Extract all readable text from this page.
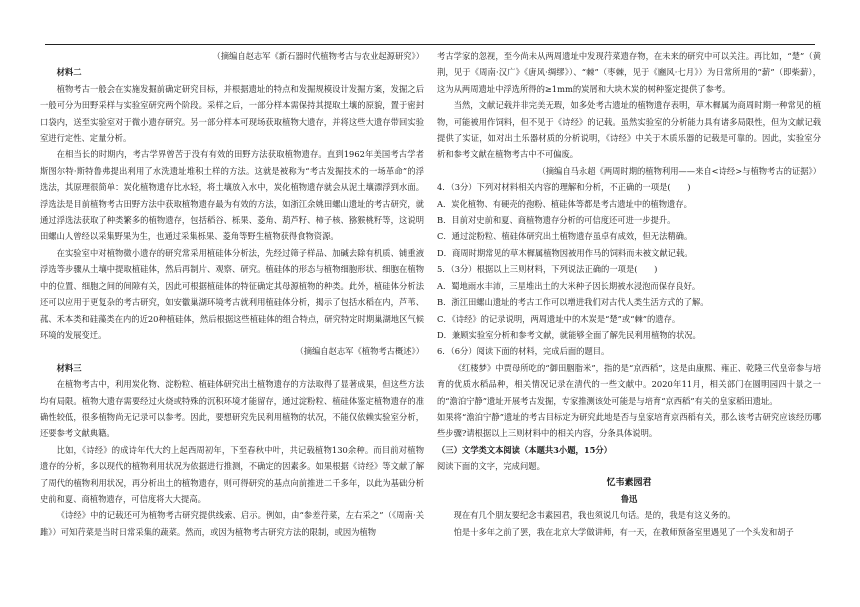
（摘编自赵志军《新石器时代植物考古与农业起源研究》）

材料二

植物考古一般会在实施发掘前确定研究目标，并根据遗址的特点和发掘规模设计发掘方案，发掘之后一般可分为田野采样与实验室研究两个阶段。采样之后，一部分样本需保持其提取土壤的原貌，置于密封口袋内，送至实验室对于微小遗存研究。另一部分样本可现场获取植物大遗存，并将这些大遗存带回实验室进行定性、定量分析。

在相当长的时期内，考古学界曾苦于没有有效的田野方法获取植物遗存。直到1962年美国考古学者斯图尔特·斯特鲁弗提出利用了水洗遗址堆积土样的方法。这就是被称为“考古发掘技术的一场革命”的浮选法，其原理很简单：炭化植物遗存比水轻，将土壤放入水中，炭化植物遗存就会从泥土壤漂浮到水面。浮选法是目前植物考古田野方法中获取植物遗存最为有效的方法，如浙江余姚田螺山遗址的考古研究，就通过浮选法获取了种类繁多的植物遗存，包括稻谷、栎果、菱角、葫芦籽、柿子核、猕猴桃籽等，这说明田螺山人曾经以采集野果为生，也通过采集栎果、菱角等野生植物获得食物资源。

在实验室中对植物微小遗存的研究常采用植硅体分析法，先经过筛子样品、加碱去除有机质、铺重液浮选等步骤从土壤中提取植硅体，然后再制片、观察、研究。植硅体的形态与植物细胞形状、细胞在植物中的位置、细胞之间的间隙有关，因此可根据植硅体的特征确定其母源植物的种类。此外，植硅体分析法还可以应用于更复杂的考古研究，如安徽巢湖环境考古就利用植硅体分析，揭示了包括水稻在内，芦苇、菰、禾本类和硅藻类在内的近20种植硅体，然后根据这些植硅体的组合特点，研究特定时期巢湖地区气候环境的发展变迁。

（摘编自赵志军《植物考古概述》）

材料三

在植物考古中，利用炭化物、淀粉粒、植硅体研究出土植物遗存的方法取得了显著成果，但这些方法均有局限。植物大遗存需要经过火烧或特殊的沉积环境才能留存，通过淀粉粒、植硅体鉴定植物遗存的准确性较低，很多植物尚无记录可以参考。因此，要想研究先民利用植物的状况，不能仅依赖实验室分析，还要参考文献典籍。

比如，《诗经》的成诗年代大约上起西周初年，下至春秋中叶，共记载植物130余种。而目前对植物遗存的分析，多以现代的植物利用状况为依据进行推测，不确定的因素多。如果根据《诗经》等文献了解了周代的植物利用状况，再分析出土的植物遗存，则可得研究的基点向前推进二千多年，以此为基础分析史前和夏、商植物遗存，可信度将大大提高。

《诗经》中的记载还可为植物考古研究提供线索、启示。例如，由“参差荇菜，左右采之”（《周南·关雎》）可知荇菜是当时日常采集的蔬菜。然而，或因为植物考古研究方法的限制，或因为植物

考古学家的忽视，至今尚未从两周遗址中发现荇菜遗存物，在未来的研究中可以关注。再比如，“楚”（黄荆，见于《周南·汉广》《唐风·绸缪》）、“棘”（枣棘，见于《豳风·七月》）为日常所用的“薪”（即柴薪），这为从两周遗址中浮选所得的≥1mm的炭屑和大块木炭的树种鉴定提供了参考。

当然，文献记载并非完美无瑕，如多处考古遗址的植物遗存表明，草木樨属为商周时期一种常见的植物，可能被用作饲料，但不见于《诗经》的记载。虽然实验室的分析能力具有诸多局限性，但为文献记载提供了实证，如对出土乐器材质的分析说明，《诗经》中关于木质乐器的记载是可靠的。因此，实验室分析和参考文献在植物考古中不可偏废。

（摘编自马永超《两周时期的植物利用——来自<诗经>与植物考古的证据》）

4．（3分）下列对材料相关内容的理解和分析，不正确的一项是(　　)

A．炭化植物、有硬壳的孢粉、植硅体等都是考古遗址中的植物遗存。

B．目前对史前和夏、商植物遗存分析的可信度还可进一步提升。

C．通过淀粉粒、植硅体研究出土植物遗存虽卓有成效，但无法精确。

D．商周时期常见的草木樨属植物因被用作马的饲料而未被文献记载。

5．（3分）根据以上三则材料，下列说法正确的一项是(　　)

A．蜀地雨水丰沛，三星堆出土的大米种子因长期被水浸泡而保存良好。

B．浙江田螺山遗址的考古工作可以增进我们对古代人类生活方式的了解。

C．《诗经》的记录说明，两周遗址中的木炭是“楚”或“棘”的遗存。

D．兼顾实验室分析和参考文献，就能够全面了解先民利用植物的状况。

6．（6分）阅读下面的材料，完成后面的题目。

《红楼梦》中贾母所吃的“御田胭脂米”，指的是“京西稻”，这是由康熙、雍正、乾隆三代皇帝参与培育的优质水稻品种，相关情况记录在清代的一些文献中。2020年11月，相关部门在圆明园四十景之一的“澹泊宁静”遗址开展考古发掘，专家推测该处可能是与培育“京西稻”有关的皇家稻田遗址。

如果将“澹泊宁静”遗址的考古目标定为研究此地是否与皇家培育京西稻有关，那么该考古研究应该经历哪些步骤?请根据以上三则材料中的相关内容，分条具体说明。

（三）文学类文本阅读（本题共3小题，15分）

阅读下面的文字，完成问题。

忆韦素园君

鲁迅

现在有几个朋友要纪念韦素园君，我也须说几句话。是的，我是有这义务的。

怕是十多年之前了罢，我在北京大学做讲师，有一天，在教师预备室里遇见了一个头发和胡子
